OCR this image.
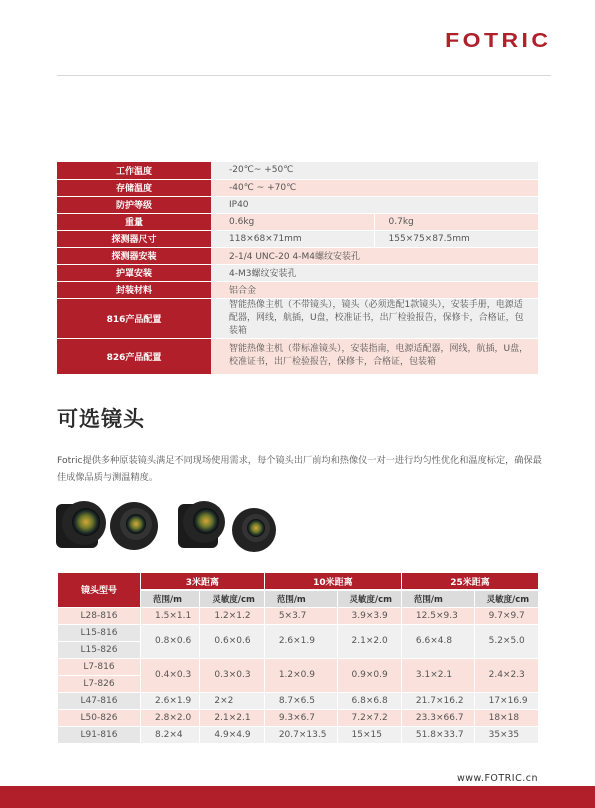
FOTRIC
工作温度	-20℃~ +50℃	
存储温度	-40℃ ~ +70℃	
防护等级	IP40	
重量	0.6kg	0.7kg
探测器尺寸	118×68×71mm	155×75×87.5mm
探测器安装	2-1/4 UNC-20 4-M4螺纹安装孔	
护罩安装	4-M3螺纹安装孔	
封装材料	铝合金	
816产品配置	智能热像主机（不带镜头），镜头（必须选配1款镜头），安装手册，电源适配器，网线，航插，U盘，校准证书，出厂检验报告，保修卡，合格证，包装箱	
826产品配置	智能热像主机（带标准镜头），安装指南，电源适配器，网线，航插，U盘，校准证书，出厂检验报告，保修卡，合格证，包装箱	
可选镜头
Fotric提供多种原装镜头满足不同现场使用需求，每个镜头出厂前均和热像仪一对一进行均匀性优化和温度标定，确保最佳成像品质与测温精度。
镜头型号	3米距离		10米距离		25米距离	
	范围/m	灵敏度/cm	范围/m	灵敏度/cm	范围/m	灵敏度/cm
L28-816	1.5×1.1	1.2×1.2	5×3.7	3.9×3.9	12.5×9.3	9.7×9.7
L15-816	0.8×0.6	0.6×0.6	2.6×1.9	2.1×2.0	6.6×4.8	5.2×5.0
L15-826						
L7-816	0.4×0.3	0.3×0.3	1.2×0.9	0.9×0.9	3.1×2.1	2.4×2.3
L7-826						
L47-816	2.6×1.9	2×2	8.7×6.5	6.8×6.8	21.7×16.2	17×16.9
L50-826	2.8×2.0	2.1×2.1	9.3×6.7	7.2×7.2	23.3×66.7	18×18
L91-816	8.2×4	4.9×4.9	20.7×13.5	15×15	51.8×33.7	35×35
www.FOTRIC.cn
